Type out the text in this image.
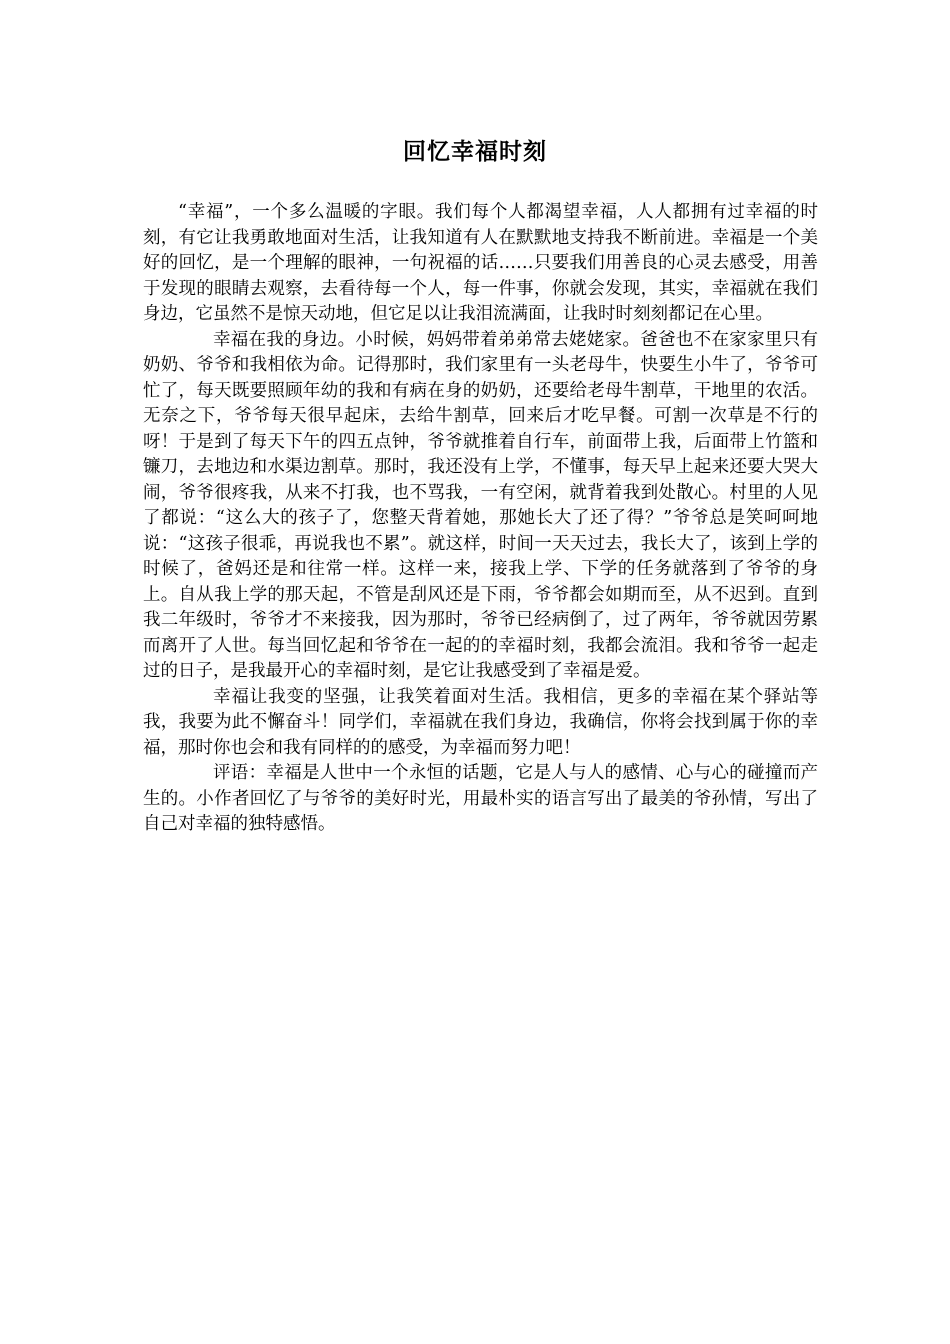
回忆幸福时刻

“幸福”，一个多么温暖的字眼。我们每个人都渴望幸福，人人都拥有过幸福的时刻，有它让我勇敢地面对生活，让我知道有人在默默地支持我不断前进。幸福是一个美好的回忆，是一个理解的眼神，一句祝福的话……只要我们用善良的心灵去感受，用善于发现的眼睛去观察，去看待每一个人，每一件事，你就会发现，其实，幸福就在我们身边，它虽然不是惊天动地，但它足以让我泪流满面，让我时时刻刻都记在心里。

幸福在我的身边。小时候，妈妈带着弟弟常去姥姥家。爸爸也不在家家里只有奶奶、爷爷和我相依为命。记得那时，我们家里有一头老母牛，快要生小牛了，爷爷可忙了，每天既要照顾年幼的我和有病在身的奶奶，还要给老母牛割草，干地里的农活。无奈之下，爷爷每天很早起床，去给牛割草，回来后才吃早餐。可割一次草是不行的呀！于是到了每天下午的四五点钟，爷爷就推着自行车，前面带上我，后面带上竹篮和镰刀，去地边和水渠边割草。那时，我还没有上学，不懂事，每天早上起来还要大哭大闹，爷爷很疼我，从来不打我，也不骂我，一有空闲，就背着我到处散心。村里的人见了都说：“这么大的孩子了，您整天背着她，那她长大了还了得？”爷爷总是笑呵呵地说：“这孩子很乖，再说我也不累”。就这样，时间一天天过去，我长大了，该到上学的时候了，爸妈还是和往常一样。这样一来，接我上学、下学的任务就落到了爷爷的身上。自从我上学的那天起，不管是刮风还是下雨，爷爷都会如期而至，从不迟到。直到我二年级时，爷爷才不来接我，因为那时，爷爷已经病倒了，过了两年，爷爷就因劳累而离开了人世。每当回忆起和爷爷在一起的的幸福时刻，我都会流泪。我和爷爷一起走过的日子，是我最开心的幸福时刻，是它让我感受到了幸福是爱。

幸福让我变的坚强，让我笑着面对生活。我相信，更多的幸福在某个驿站等我，我要为此不懈奋斗！同学们，幸福就在我们身边，我确信，你将会找到属于你的幸福，那时你也会和我有同样的的感受，为幸福而努力吧！

评语：幸福是人世中一个永恒的话题，它是人与人的感情、心与心的碰撞而产生的。小作者回忆了与爷爷的美好时光，用最朴实的语言写出了最美的爷孙情，写出了自己对幸福的独特感悟。
